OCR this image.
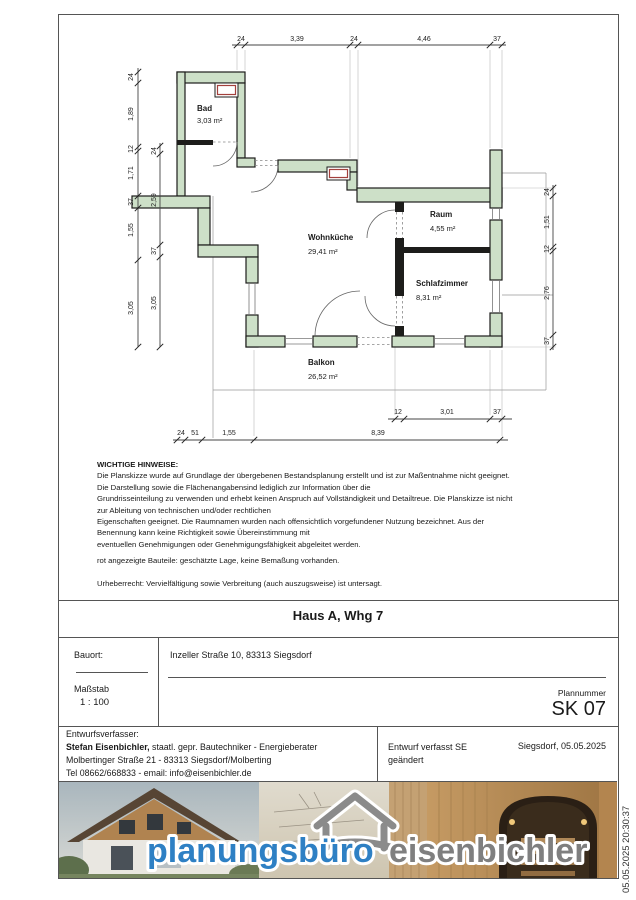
24	3,39	24	4,46	37
24
1,89
12
1,71
37
1,55
3,05
24
2,59
37
3,05
24
1,51
12
2,76
37
12	3,01	37
24 51	1,55	8,39
Bad
3,03 m²
Wohnküche
29,41 m²
Raum
4,55 m²
Schlafzimmer
8,31 m²
Balkon
26,52 m²
WICHTIGE HINWEISE:
Die Planskizze wurde auf Grundlage der übergebenen Bestandsplanung erstellt und ist zur Maßentnahme nicht geeignet.
Die Darstellung sowie die Flächenangabensind lediglich zur Information über die
Grundrisseinteilung zu verwenden und erhebt keinen Anspruch auf Vollständigkeit und Detailtreue. Die Planskizze ist nicht
zur Ableitung von technischen und/oder rechtlichen
Eigenschaften geeignet. Die Raumnamen wurden nach offensichtlich vorgefundener Nutzung bezeichnet. Aus der
Benennung kann keine Richtigkeit sowie Übereinstimmung mit
eventuellen Genehmigungen oder Genehmigungsfähigkeit abgeleitet werden.
rot angezeigte Bauteile: geschätzte Lage, keine Bemaßung vorhanden.
Urheberrecht: Vervielfältigung sowie Verbreitung (auch auszugsweise) ist untersagt.
Haus A, Whg 7
Bauort:	Inzeller Straße 10, 83313 Siegsdorf
Maßstab
1 : 100
Plannummer
SK 07
Entwurfsverfasser:
Stefan Eisenbichler, staatl. gepr. Bautechniker - Energieberater
Molbertinger Straße 21 - 83313 Siegsdorf/Molberting
Tel 08662/668833 - email: info@eisenbichler.de
Entwurf verfasst SE
geändert
Siegsdorf, 05.05.2025
planungsbüro eisenbichler	05.05.2025 20:30:37
